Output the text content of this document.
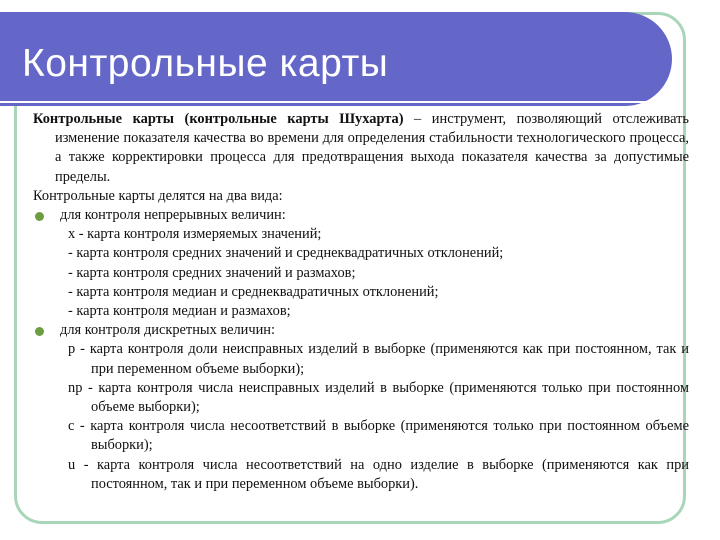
Контрольные карты
Контрольные карты (контрольные карты Шухарта) – инструмент, позволяющий отслеживать изменение показателя качества во времени для определения стабильности технологического процесса, а также корректировки процесса для предотвращения выхода показателя качества за допустимые пределы.
Контрольные карты делятся на два вида:
для контроля непрерывных величин:
х - карта контроля измеряемых значений;
- карта контроля средних значений и среднеквадратичных отклонений;
- карта контроля средних значений и размахов;
- карта контроля медиан и среднеквадратичных отклонений;
- карта контроля медиан и размахов;
для контроля дискретных величин:
р - карта контроля доли неисправных изделий в выборке (применяются как при постоянном, так и при переменном объеме выборки);
nр - карта контроля числа неисправных изделий в выборке (применяются только при постоянном объеме выборки);
с - карта контроля числа несоответствий в выборке (применяются только при постоянном объеме выборки);
u - карта контроля числа несоответствий на одно изделие в выборке (применяются как при постоянном, так и при переменном объеме выборки).
